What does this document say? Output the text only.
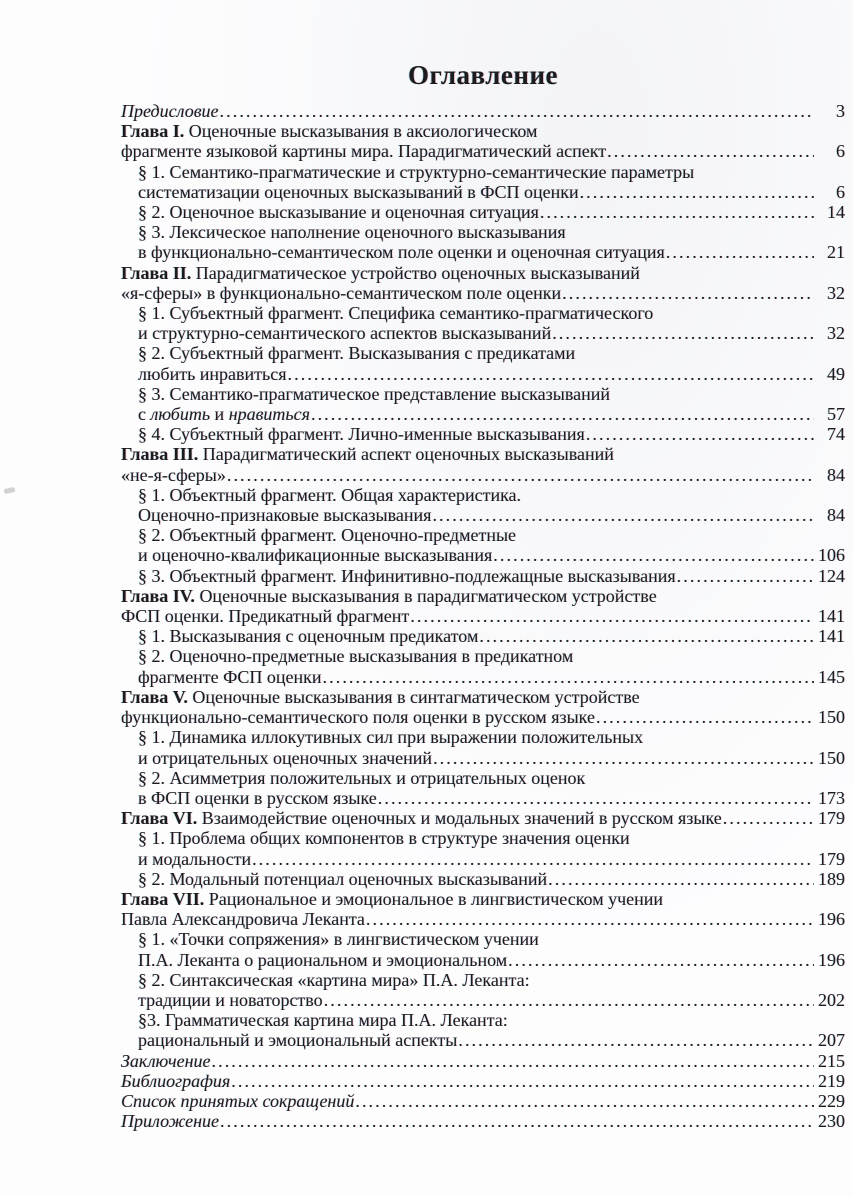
Оглавление
Предисловие .....	3
Глава I. Оценочные высказывания в аксиологическом
фрагменте языковой картины мира. Парадигматический аспект .....	6
§ 1. Семантико-прагматические и структурно-семантические параметры
систематизации оценочных высказываний в ФСП оценки .....	6
§ 2. Оценочное высказывание и оценочная ситуация .....	14
§ 3. Лексическое наполнение оценочного высказывания
в функционально-семантическом поле оценки и оценочная ситуация .....	21
Глава II. Парадигматическое устройство оценочных высказываний
«я-сферы» в функционально-семантическом поле оценки .....	32
§ 1. Субъектный фрагмент. Специфика семантико-прагматического
и структурно-семантического аспектов высказываний .....	32
§ 2. Субъектный фрагмент. Высказывания с предикатами
любить инравиться .....	49
§ 3. Семантико-прагматическое представление высказываний
с любить и нравиться .....	57
§ 4. Субъектный фрагмент. Лично-именные высказывания .....	74
Глава III. Парадигматический аспект оценочных высказываний
«не-я-сферы» .....	84
§ 1. Объектный фрагмент. Общая характеристика.
Оценочно-признаковые высказывания .....	84
§ 2. Объектный фрагмент. Оценочно-предметные
и оценочно-квалификационные высказывания .....	106
§ 3. Объектный фрагмент. Инфинитивно-подлежащные высказывания .....	124
Глава IV. Оценочные высказывания в парадигматическом устройстве
ФСП оценки. Предикатный фрагмент .....	141
§ 1. Высказывания с оценочным предикатом .....	141
§ 2. Оценочно-предметные высказывания в предикатном
фрагменте ФСП оценки .....	145
Глава V. Оценочные высказывания в синтагматическом устройстве
функционально-семантического поля оценки в русском языке .....	150
§ 1. Динамика иллокутивных сил при выражении положительных
и отрицательных оценочных значений .....	150
§ 2. Асимметрия положительных и отрицательных оценок
в ФСП оценки в русском языке .....	173
Глава VI. Взаимодействие оценочных и модальных значений в русском языке .....	179
§ 1. Проблема общих компонентов в структуре значения оценки
и модальности .....	179
§ 2. Модальный потенциал оценочных высказываний .....	189
Глава VII. Рациональное и эмоциональное в лингвистическом учении
Павла Александровича Леканта .....	196
§ 1. «Точки сопряжения» в лингвистическом учении
П.А. Леканта о рациональном и эмоциональном .....	196
§ 2. Синтаксическая «картина мира» П.А. Леканта:
традиции и новаторство .....	202
§3. Грамматическая картина мира П.А. Леканта:
рациональный и эмоциональный аспекты .....	207
Заключение .....	215
Библиография .....	219
Список принятых сокращений .....	229
Приложение .....	230
